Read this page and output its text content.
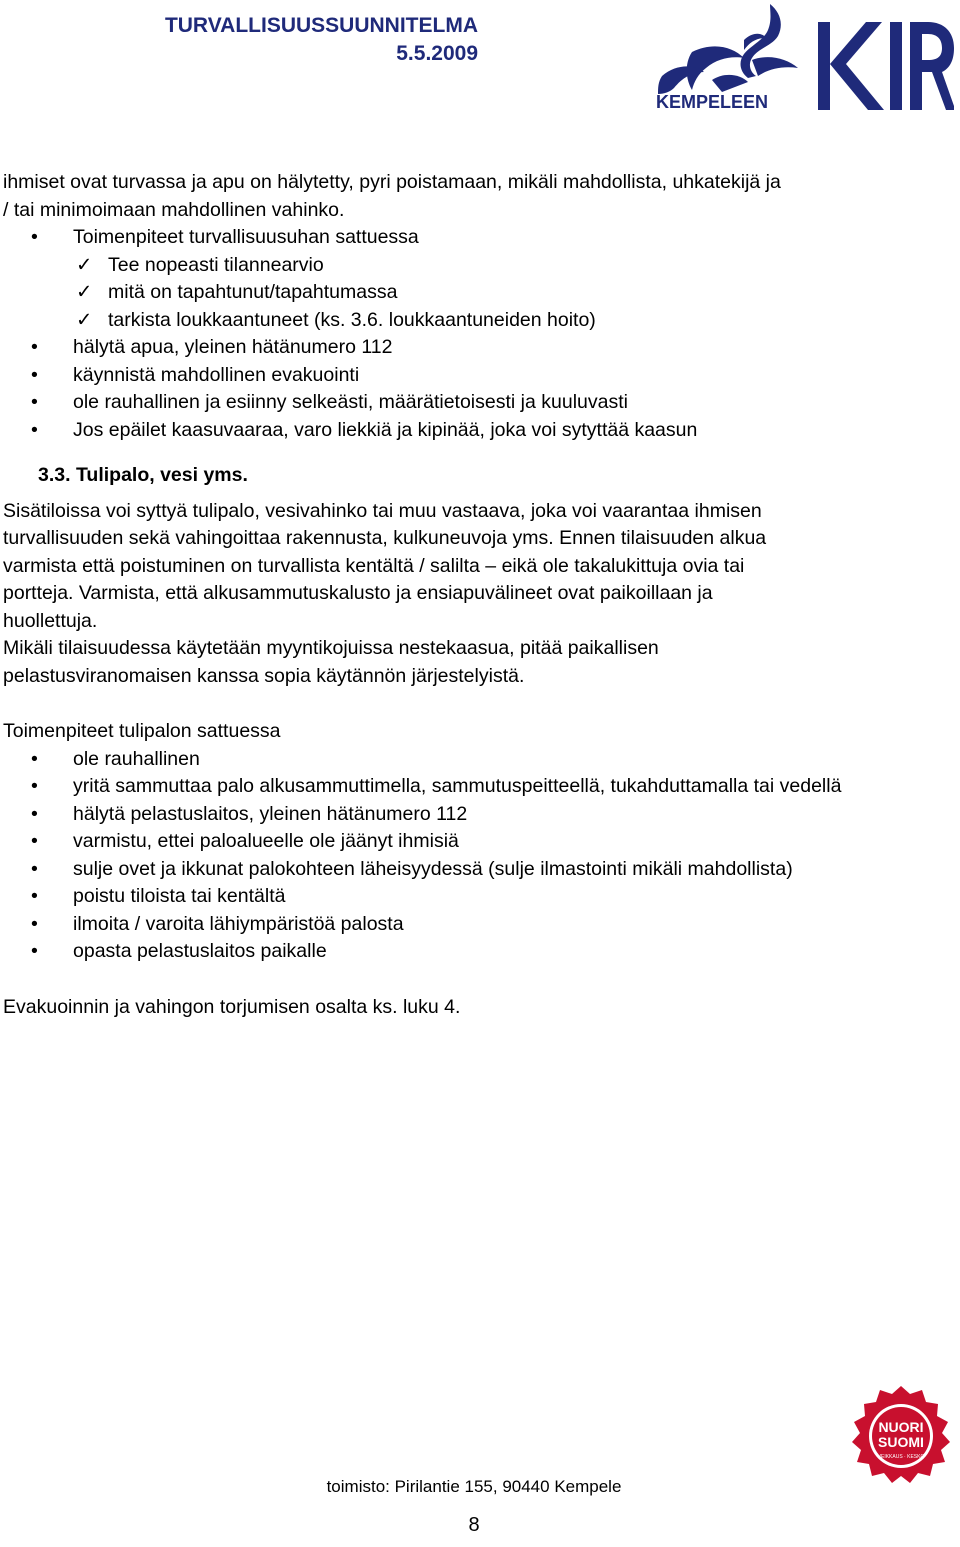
TURVALLISUUSSUUNNITELMA
5.5.2009
KEMPELEEN
KIRI

ihmiset ovat turvassa ja apu on hälytetty, pyri poistamaan, mikäli mahdollista, uhkatekijä ja

/ tai minimoimaan mahdollinen vahinko.

• Toimenpiteet turvallisuusuhan sattuessa
✓ Tee nopeasti tilannearvio
✓ mitä on tapahtunut/tapahtumassa
✓ tarkista loukkaantuneet (ks. 3.6. loukkaantuneiden hoito)
• hälytä apua, yleinen hätänumero 112
• käynnistä mahdollinen evakuointi
• ole rauhallinen ja esiinny selkeästi, määrätietoisesti ja kuuluvasti
• Jos epäilet kaasuvaaraa, varo liekkiä ja kipinää, joka voi sytyttää kaasun
3.3. Tulipalo, vesi yms.

Sisätiloissa voi syttyä tulipalo, vesivahinko tai muu vastaava, joka voi vaarantaa ihmisen

turvallisuuden sekä vahingoittaa rakennusta, kulkuneuvoja yms. Ennen tilaisuuden alkua

varmista että poistuminen on turvallista kentältä / salilta – eikä ole takalukittuja ovia tai

portteja. Varmista, että alkusammutuskalusto ja ensiapuvälineet ovat paikoillaan ja

huollettuja.

Mikäli tilaisuudessa käytetään myyntikojuissa nestekaasua, pitää paikallisen

pelastusviranomaisen kanssa sopia käytännön järjestelyistä.

Toimenpiteet tulipalon sattuessa

• ole rauhallinen
• yritä sammuttaa palo alkusammuttimella, sammutuspeitteellä, tukahduttamalla tai vedellä
• hälytä pelastuslaitos, yleinen hätänumero 112
• varmistu, ettei paloalueelle ole jäänyt ihmisiä
• sulje ovet ja ikkunat palokohteen läheisyydessä (sulje ilmastointi mikäli mahdollista)
• poistu tiloista tai kentältä
• ilmoita / varoita lähiympäristöä palosta
• opasta pelastuslaitos paikalle

Evakuoinnin ja vahingon torjumisen osalta ks. luku 4.

NUORI
SUOMI
VEIKKAUS · KESKO
toimisto: Pirilantie 155, 90440 Kempele
8
